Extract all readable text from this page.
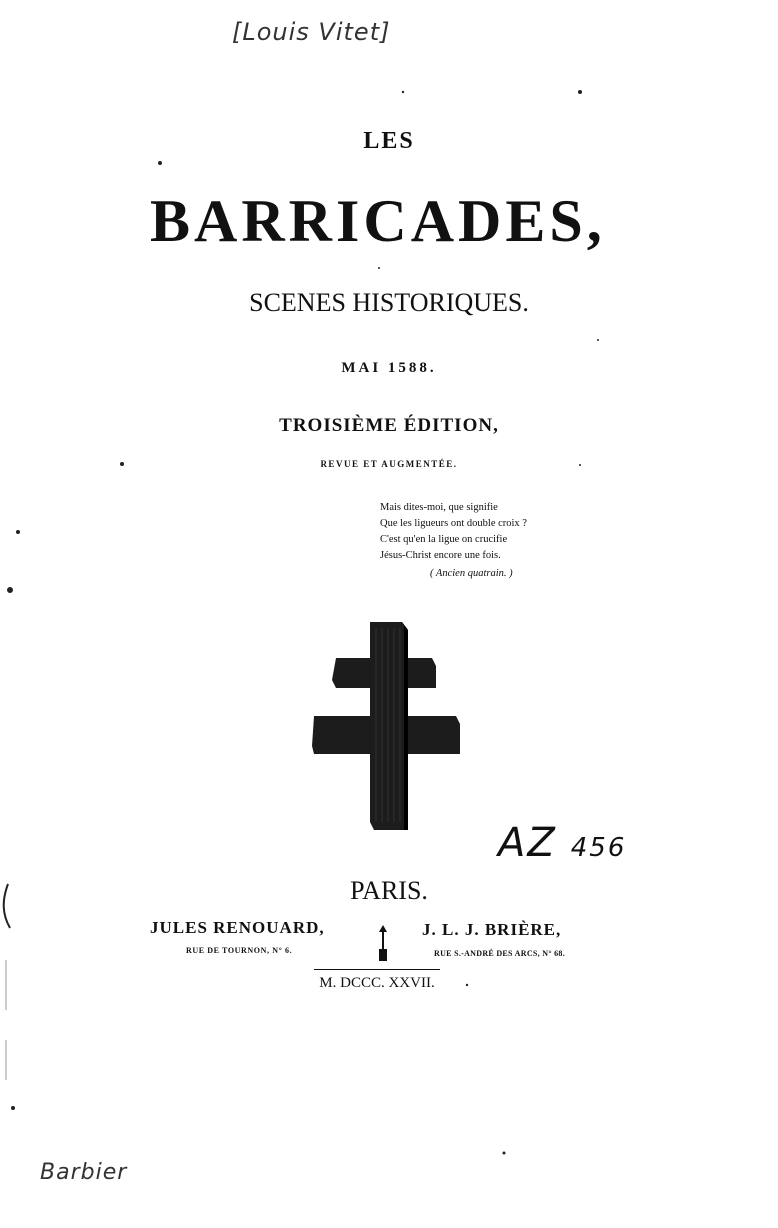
[Louis Vitet]
Barbier
LES
BARRICADES,
SCENES HISTORIQUES.
MAI 1588.
TROISIÈME ÉDITION,
REVUE ET AUGMENTÉE.
Mais dites-moi, que signifie
Que les ligueurs ont double croix ?
C'est qu'en la ligue on crucifie
Jésus-Christ encore une fois.
( Ancien quatrain. )
AZ 456
PARIS.
JULES RENOUARD,
RUE DE TOURNON, N° 6.
J. L. J. BRIÈRE,
RUE S.-ANDRÉ DES ARCS, N° 68.
M. DCCC. XXVII.
